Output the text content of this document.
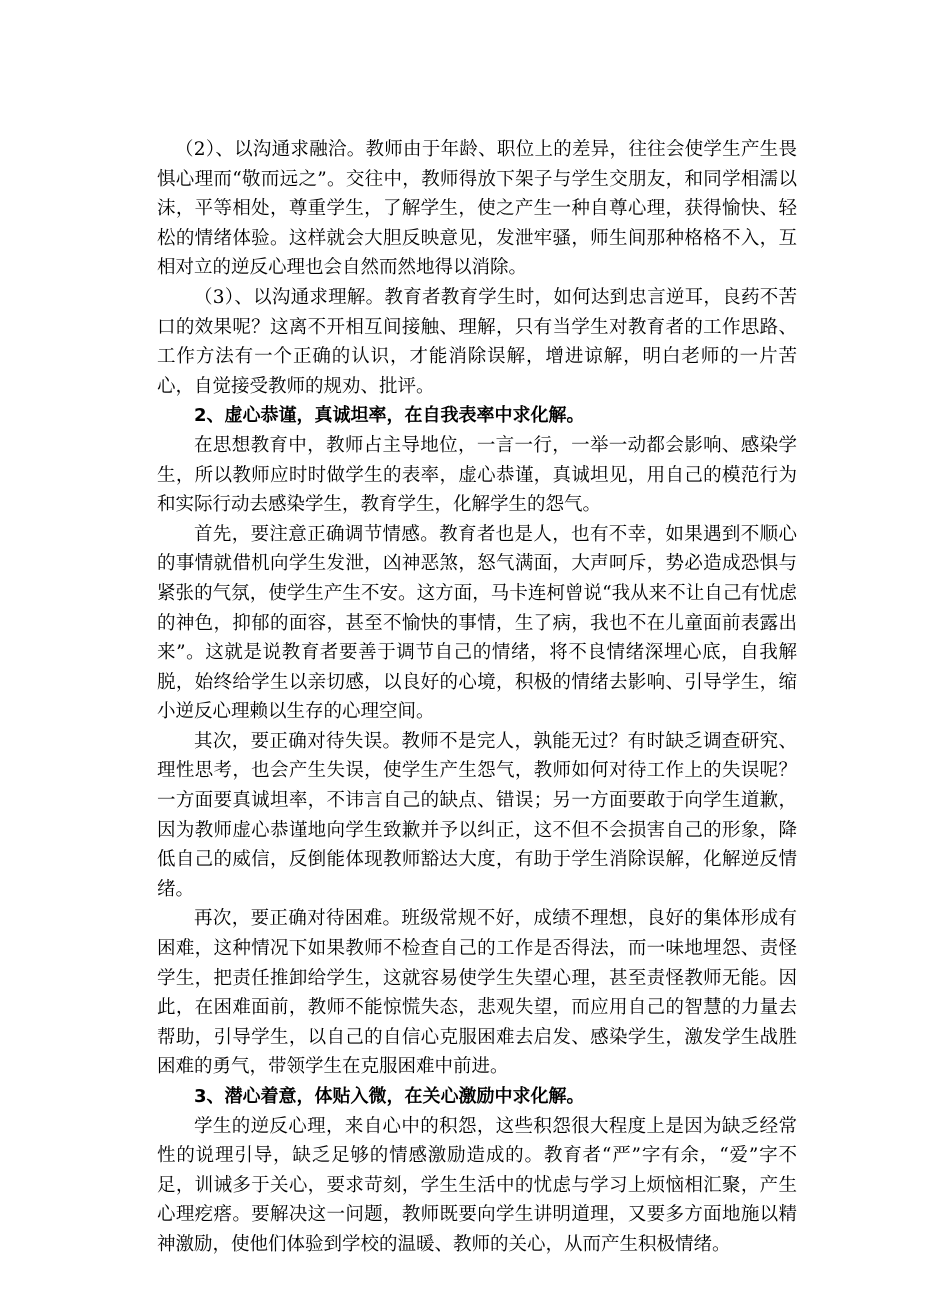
（2）、以沟通求融洽。教师由于年龄、职位上的差异，往往会使学生产生畏惧心理而“敬而远之”。交往中，教师得放下架子与学生交朋友，和同学相濡以沫，平等相处，尊重学生，了解学生，使之产生一种自尊心理，获得愉快、轻松的情绪体验。这样就会大胆反映意见，发泄牢骚，师生间那种格格不入，互相对立的逆反心理也会自然而然地得以消除。

（3）、以沟通求理解。教育者教育学生时，如何达到忠言逆耳，良药不苦口的效果呢？这离不开相互间接触、理解，只有当学生对教育者的工作思路、工作方法有一个正确的认识，才能消除误解，增进谅解，明白老师的一片苦心，自觉接受教师的规劝、批评。

2、虚心恭谨，真诚坦率，在自我表率中求化解。

在思想教育中，教师占主导地位，一言一行，一举一动都会影响、感染学生，所以教师应时时做学生的表率，虚心恭谨，真诚坦见，用自己的模范行为和实际行动去感染学生，教育学生，化解学生的怨气。

首先，要注意正确调节情感。教育者也是人，也有不幸，如果遇到不顺心的事情就借机向学生发泄，凶神恶煞，怒气满面，大声呵斥，势必造成恐惧与紧张的气氛，使学生产生不安。这方面，马卡连柯曾说“我从来不让自己有忧虑的神色，抑郁的面容，甚至不愉快的事情，生了病，我也不在儿童面前表露出来”。这就是说教育者要善于调节自己的情绪，将不良情绪深埋心底，自我解脱，始终给学生以亲切感，以良好的心境，积极的情绪去影响、引导学生，缩小逆反心理赖以生存的心理空间。

其次，要正确对待失误。教师不是完人，孰能无过？有时缺乏调查研究、理性思考，也会产生失误，使学生产生怨气，教师如何对待工作上的失误呢？一方面要真诚坦率，不讳言自己的缺点、错误；另一方面要敢于向学生道歉，因为教师虚心恭谨地向学生致歉并予以纠正，这不但不会损害自己的形象，降低自己的威信，反倒能体现教师豁达大度，有助于学生消除误解，化解逆反情绪。

再次，要正确对待困难。班级常规不好，成绩不理想，良好的集体形成有困难，这种情况下如果教师不检查自己的工作是否得法，而一味地埋怨、责怪学生，把责任推卸给学生，这就容易使学生失望心理，甚至责怪教师无能。因此，在困难面前，教师不能惊慌失态，悲观失望，而应用自己的智慧的力量去帮助，引导学生，以自己的自信心克服困难去启发、感染学生，激发学生战胜困难的勇气，带领学生在克服困难中前进。

3、潜心着意，体贴入微，在关心激励中求化解。

学生的逆反心理，来自心中的积怨，这些积怨很大程度上是因为缺乏经常性的说理引导，缺乏足够的情感激励造成的。教育者“严”字有余，“爱”字不足，训诫多于关心，要求苛刻，学生生活中的忧虑与学习上烦恼相汇聚，产生心理疙瘩。要解决这一问题，教师既要向学生讲明道理，又要多方面地施以精神激励，使他们体验到学校的温暖、教师的关心，从而产生积极情绪。
